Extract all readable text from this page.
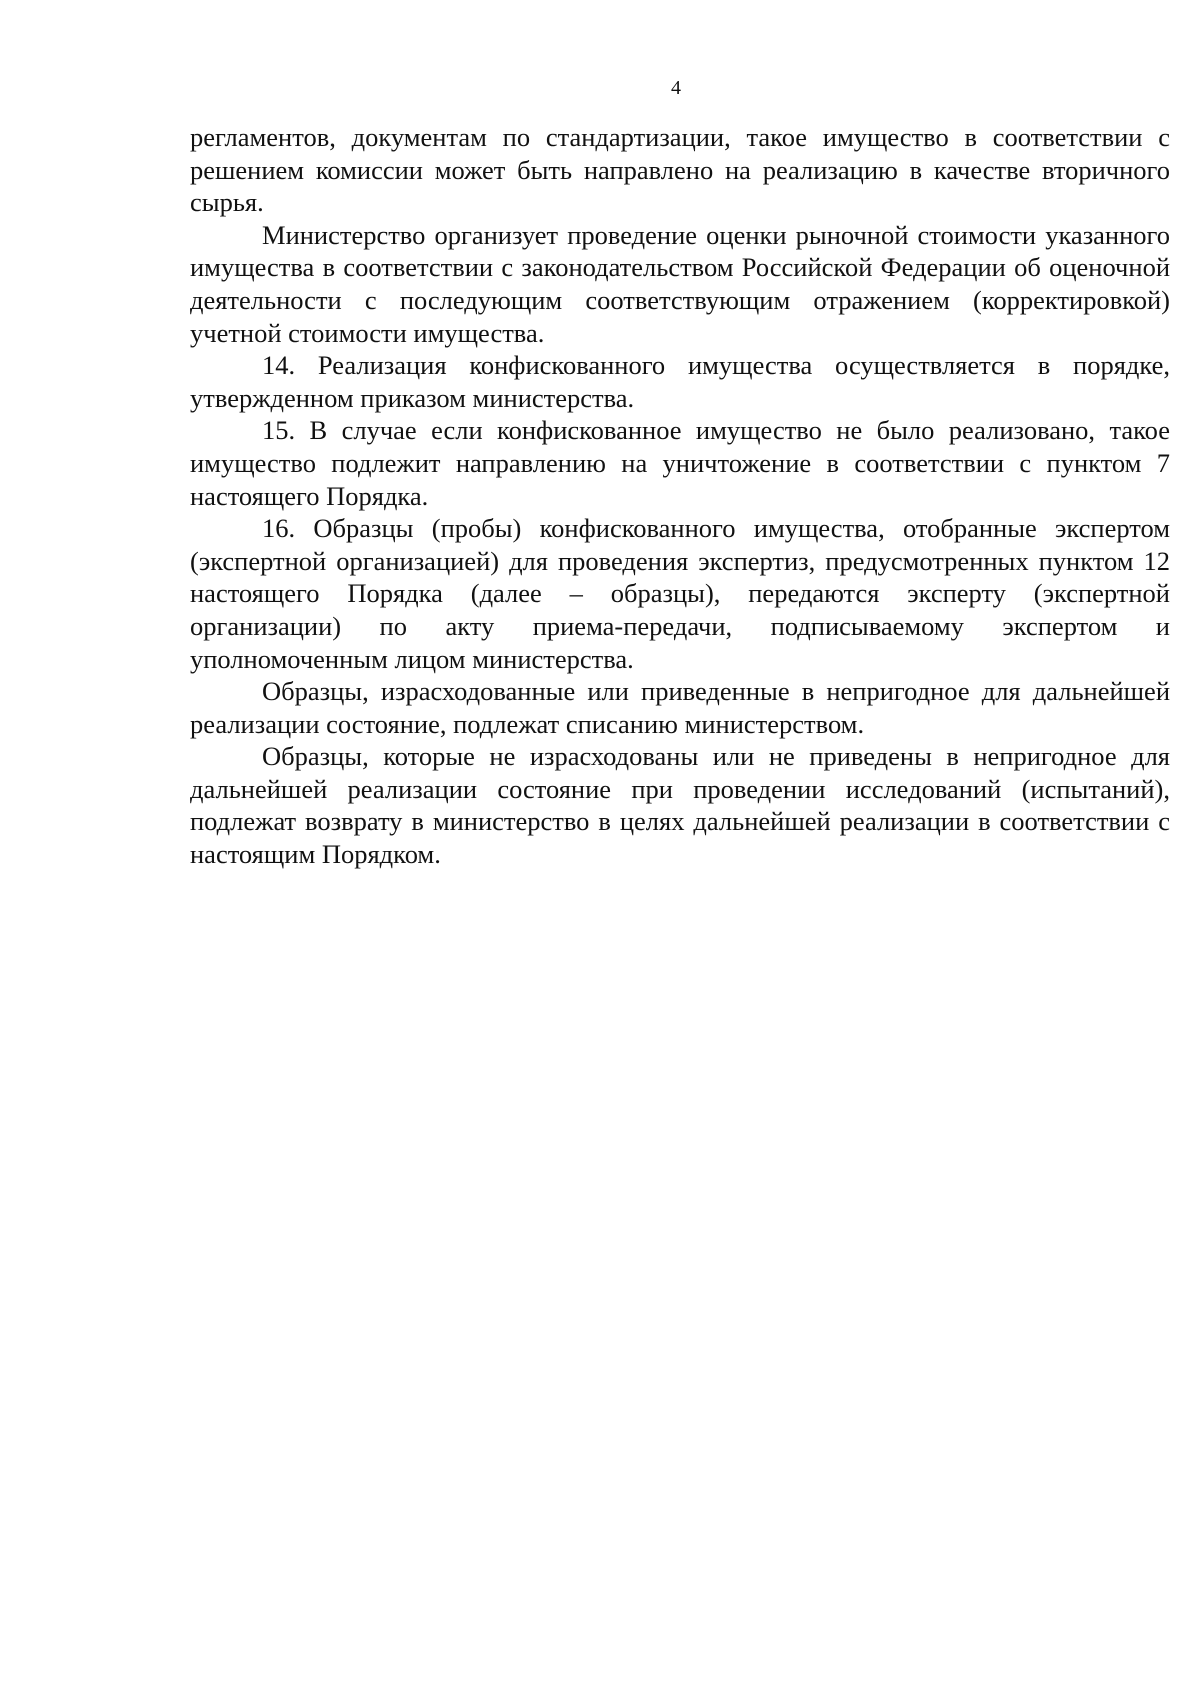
4

регламентов, документам по стандартизации, такое имущество в соответствии с решением комиссии может быть направлено на реализацию в качестве вторичного сырья.

Министерство организует проведение оценки рыночной стоимости указанного имущества в соответствии с законодательством Российской Федерации об оценочной деятельности с последующим соответствующим отражением (корректировкой) учетной стоимости имущества.

14. Реализация конфискованного имущества осуществляется в порядке, утвержденном приказом министерства.

15. В случае если конфискованное имущество не было реализовано, такое имущество подлежит направлению на уничтожение в соответствии с пунктом 7 настоящего Порядка.

16. Образцы (пробы) конфискованного имущества, отобранные экспертом (экспертной организацией) для проведения экспертиз, предусмотренных пунктом 12 настоящего Порядка (далее – образцы), передаются эксперту (экспертной организации) по акту приема-передачи, подписываемому экспертом и уполномоченным лицом министерства.

Образцы, израсходованные или приведенные в непригодное для дальнейшей реализации состояние, подлежат списанию министерством.

Образцы, которые не израсходованы или не приведены в непригодное для дальнейшей реализации состояние при проведении исследований (испытаний), подлежат возврату в министерство в целях дальнейшей реализации в соответствии с настоящим Порядком.
